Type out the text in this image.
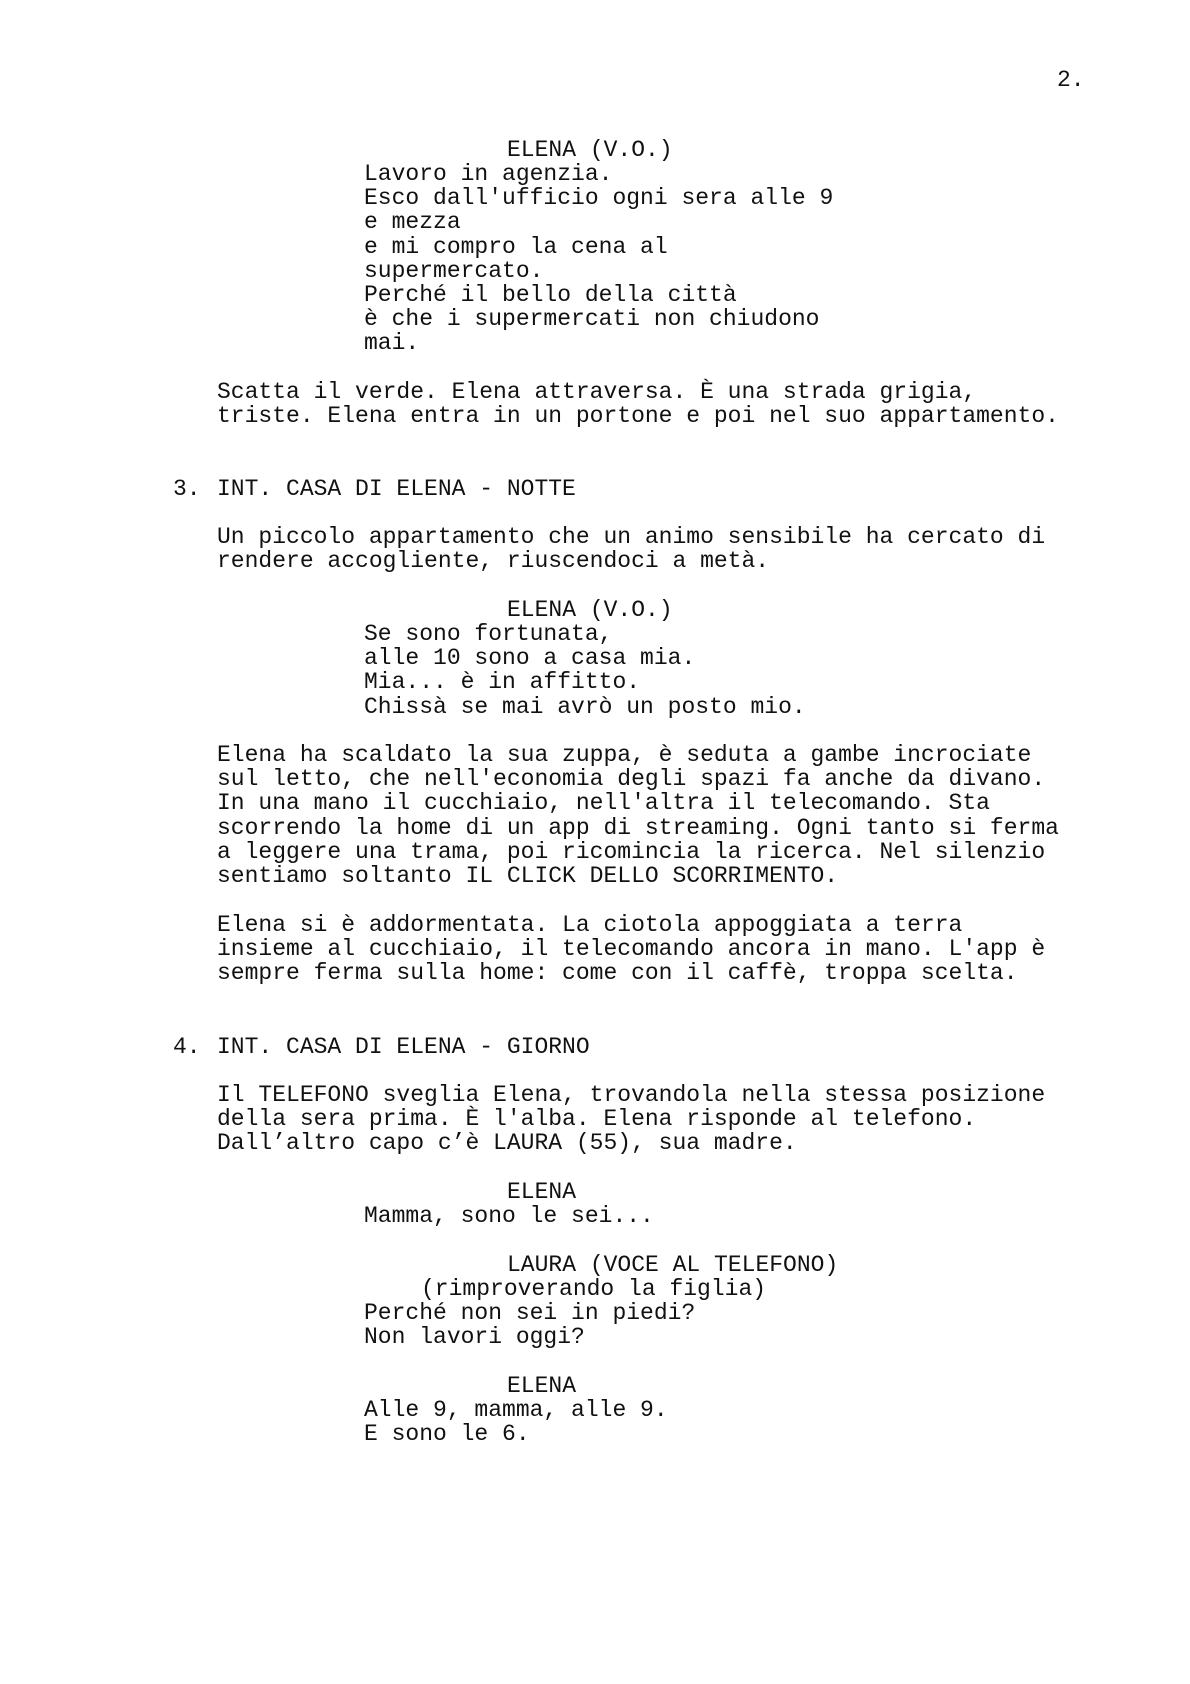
2.
ELENA (V.O.)
Lavoro in agenzia.
Esco dall'ufficio ogni sera alle 9
e mezza
e mi compro la cena al
supermercato.
Perché il bello della città
è che i supermercati non chiudono
mai.
Scatta il verde. Elena attraversa. È una strada grigia,
triste. Elena entra in un portone e poi nel suo appartamento.
3. INT. CASA DI ELENA - NOTTE
Un piccolo appartamento che un animo sensibile ha cercato di
rendere accogliente, riuscendoci a metà.
ELENA (V.O.)
Se sono fortunata,
alle 10 sono a casa mia.
Mia... è in affitto.
Chissà se mai avrò un posto mio.
Elena ha scaldato la sua zuppa, è seduta a gambe incrociate
sul letto, che nell'economia degli spazi fa anche da divano.
In una mano il cucchiaio, nell'altra il telecomando. Sta
scorrendo la home di un app di streaming. Ogni tanto si ferma
a leggere una trama, poi ricomincia la ricerca. Nel silenzio
sentiamo soltanto IL CLICK DELLO SCORRIMENTO.
Elena si è addormentata. La ciotola appoggiata a terra
insieme al cucchiaio, il telecomando ancora in mano. L'app è
sempre ferma sulla home: come con il caffè, troppa scelta.
4. INT. CASA DI ELENA - GIORNO
Il TELEFONO sveglia Elena, trovandola nella stessa posizione
della sera prima. È l'alba. Elena risponde al telefono.
Dall’altro capo c’è LAURA (55), sua madre.
ELENA
Mamma, sono le sei...
LAURA (VOCE AL TELEFONO)
(rimproverando la figlia)
Perché non sei in piedi?
Non lavori oggi?
ELENA
Alle 9, mamma, alle 9.
E sono le 6.
